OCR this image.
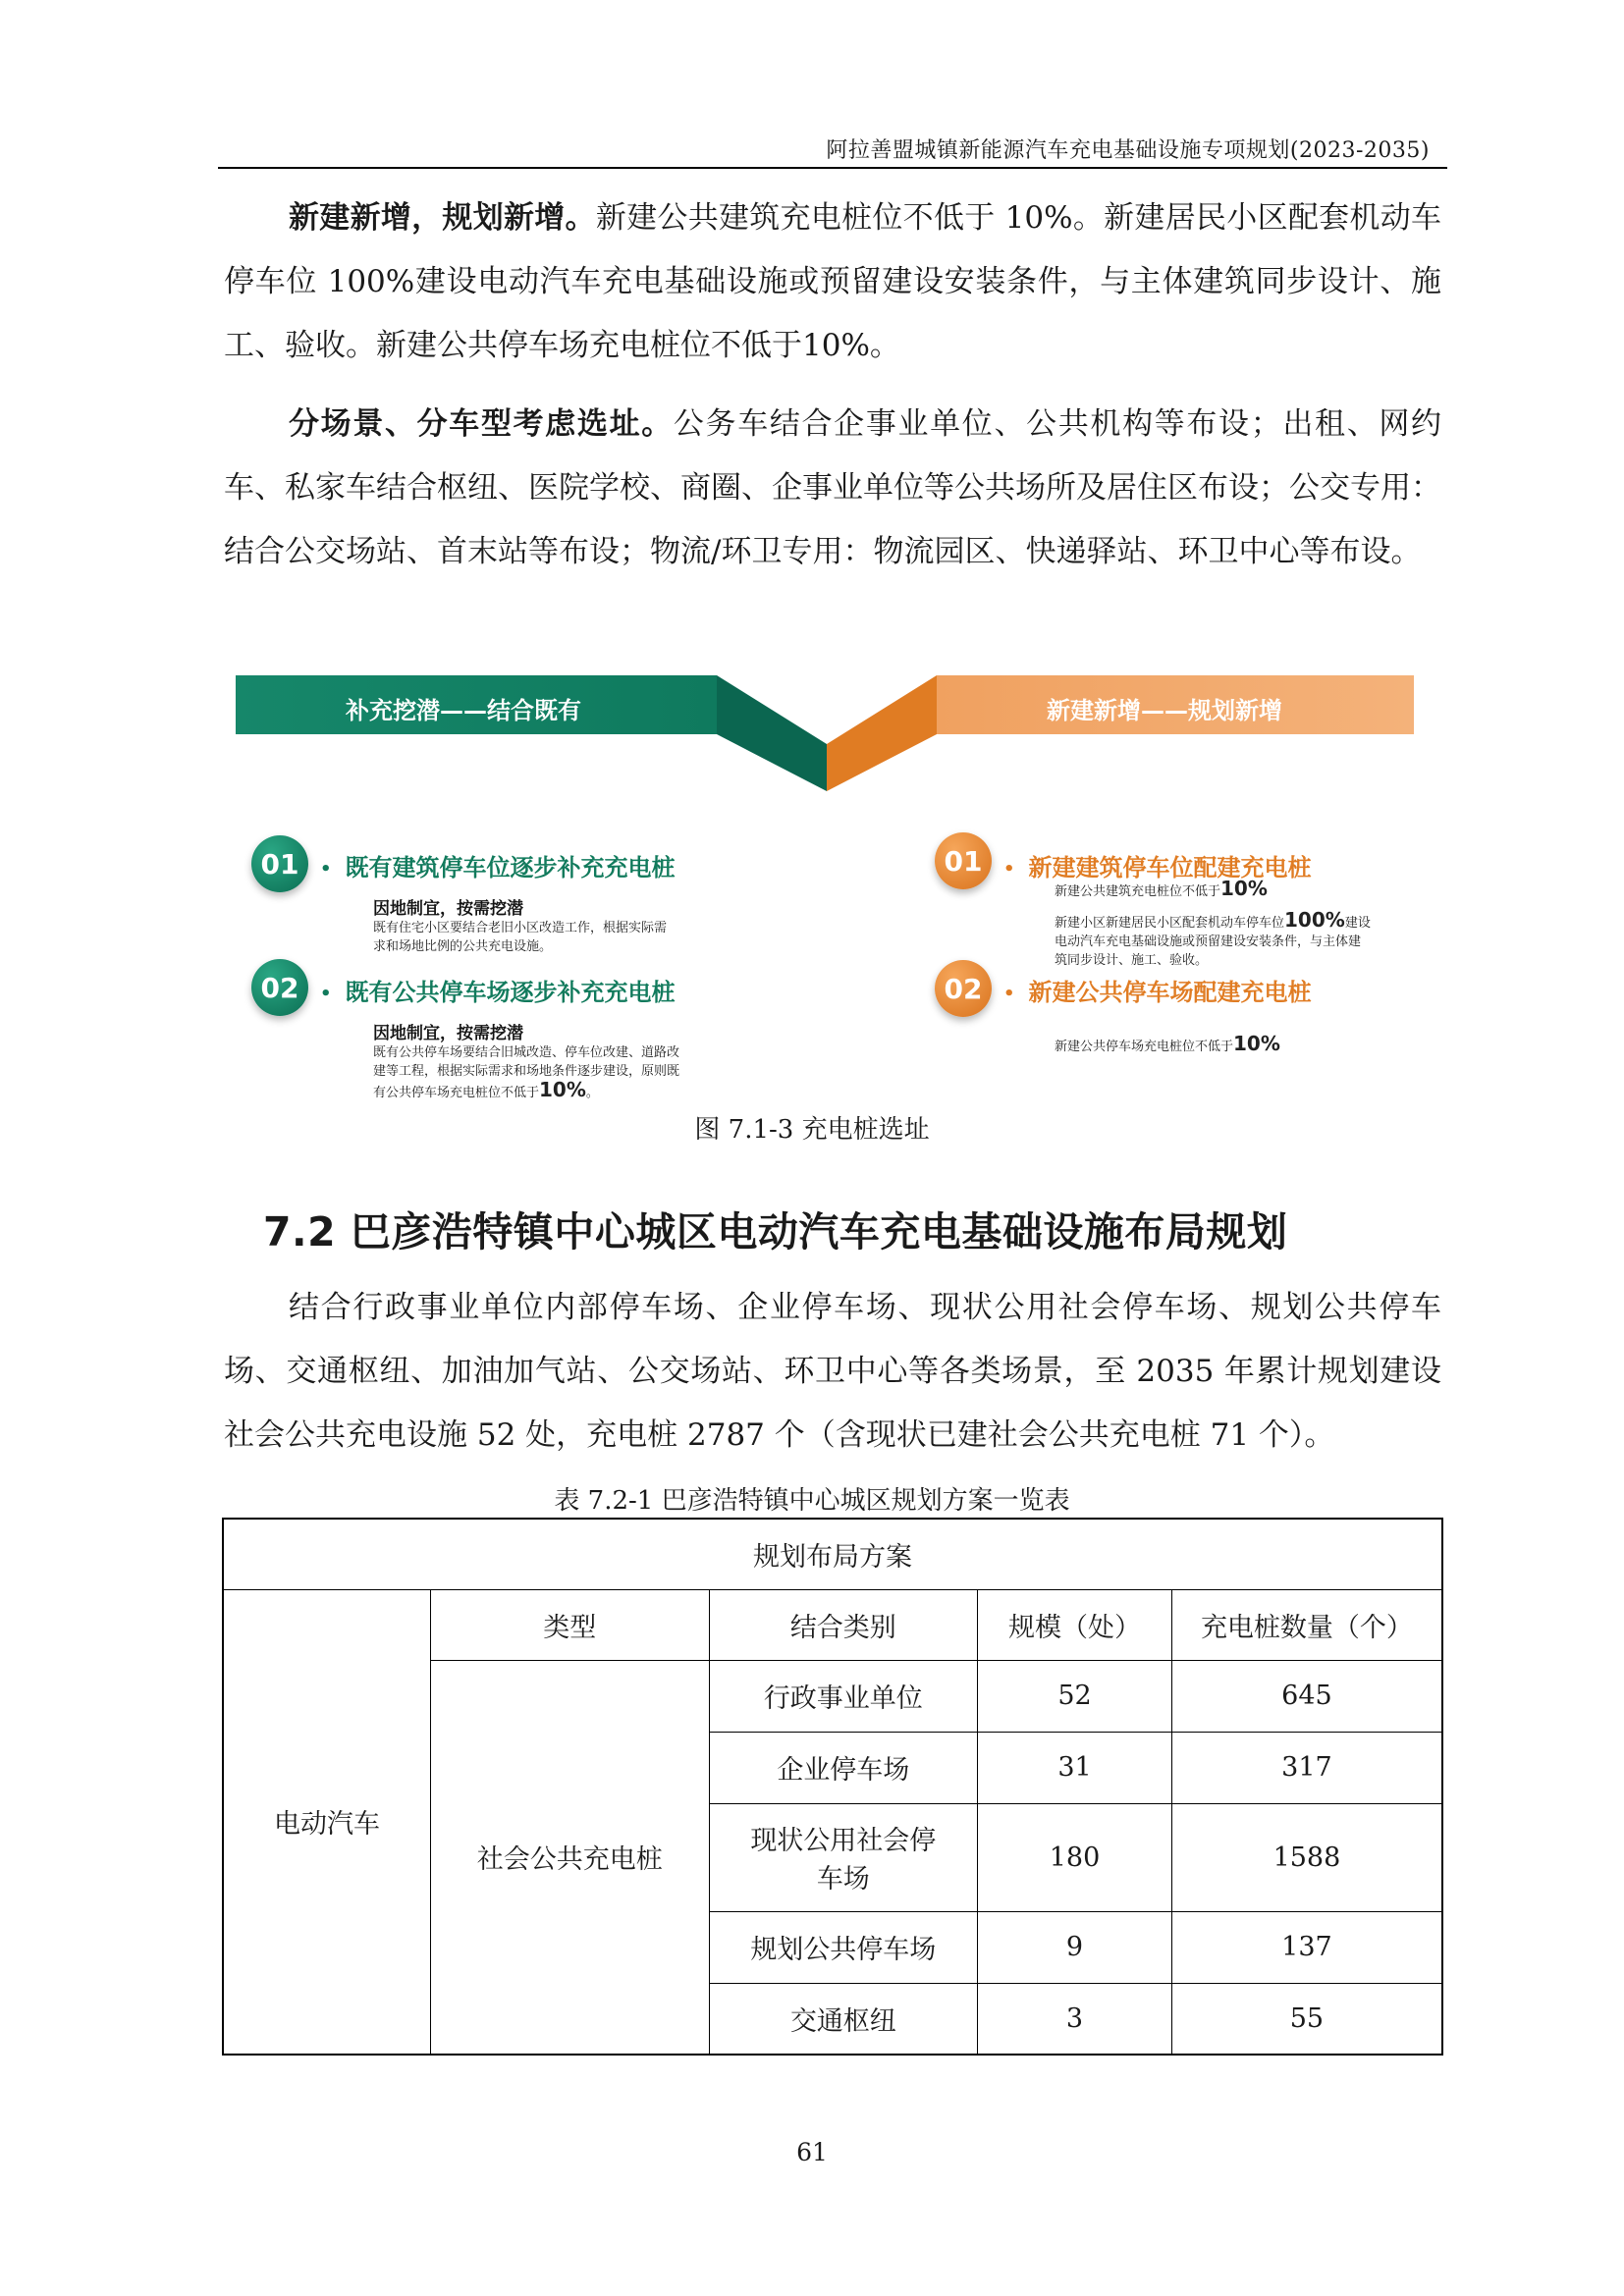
阿拉善盟城镇新能源汽车充电基础设施专项规划(2023-2035)

新建新增，规划新增。新建公共建筑充电桩位不低于 10%。新建居民小区配套机动车停车位 100%建设电动汽车充电基础设施或预留建设安装条件，与主体建筑同步设计、施工、验收。新建公共停车场充电桩位不低于10%。

分场景、分车型考虑选址。公务车结合企事业单位、公共机构等布设；出租、网约车、私家车结合枢纽、医院学校、商圈、企事业单位等公共场所及居住区布设；公交专用：结合公交场站、首末站等布设；物流/环卫专用：物流园区、快递驿站、环卫中心等布设。

补充挖潜——结合既有	新建新增——规划新增
01	• 既有建筑停车位逐步补充充电桩
因地制宜，按需挖潜
既有住宅小区要结合老旧小区改造工作，根据实际需
求和场地比例的公共充电设施。
02	• 既有公共停车场逐步补充充电桩
因地制宜，按需挖潜
既有公共停车场要结合旧城改造、停车位改建、道路改
建等工程，根据实际需求和场地条件逐步建设，原则既
有公共停车场充电桩位不低于10%。
01	• 新建建筑停车位配建充电桩
新建公共建筑充电桩位不低于10%
新建小区新建居民小区配套机动车停车位100%建设
电动汽车充电基础设施或预留建设安装条件，与主体建
筑同步设计、施工、验收。
02	• 新建公共停车场配建充电桩
新建公共停车场充电桩位不低于10%
图 7.1-3 充电桩选址
7.2 巴彦浩特镇中心城区电动汽车充电基础设施布局规划

结合行政事业单位内部停车场、企业停车场、现状公用社会停车场、规划公共停车场、交通枢纽、加油加气站、公交场站、环卫中心等各类场景，至 2035 年累计规划建设社会公共充电设施 52 处，充电桩 2787 个（含现状已建社会公共充电桩 71 个）。

表 7.2-1 巴彦浩特镇中心城区规划方案一览表
规划布局方案				
电动汽车	类型	结合类别	规模（处）	充电桩数量（个）
	社会公共充电桩	行政事业单位	52	645
		企业停车场	31	317
		现状公用社会停车场	180	1588
		规划公共停车场	9	137
		交通枢纽	3	55
61
